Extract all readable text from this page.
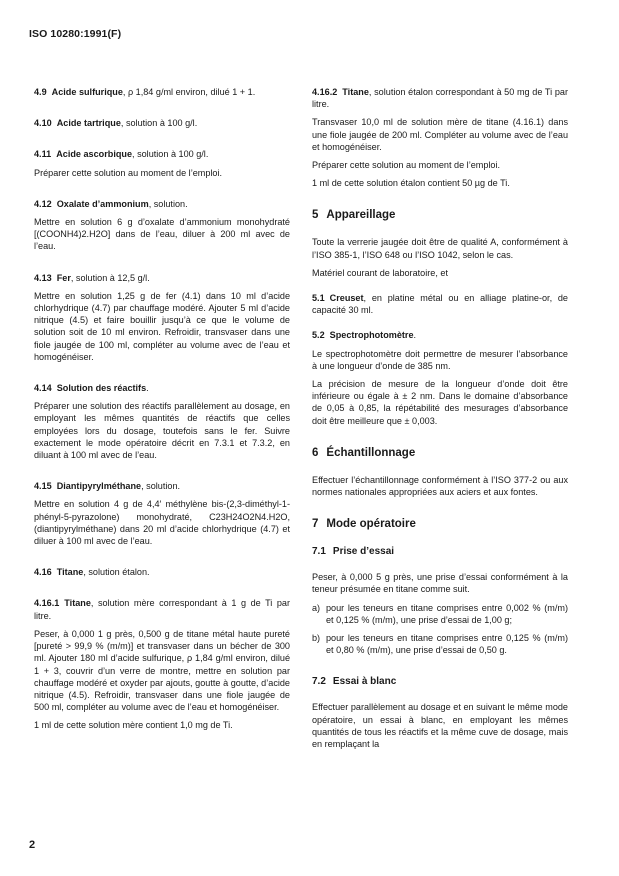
ISO 10280:1991(F)

4.9 Acide sulfurique, ρ 1,84 g/ml environ, dilué 1 + 1.

4.10 Acide tartrique, solution à 100 g/l.

4.11 Acide ascorbique, solution à 100 g/l.

Préparer cette solution au moment de l’emploi.

4.12 Oxalate d’ammonium, solution.

Mettre en solution 6 g d’oxalate d’ammonium monohydraté [(COONH4)2.H2O] dans de l’eau, diluer à 200 ml avec de l’eau.

4.13 Fer, solution à 12,5 g/l.

Mettre en solution 1,25 g de fer (4.1) dans 10 ml d’acide chlorhydrique (4.7) par chauffage modéré. Ajouter 5 ml d’acide nitrique (4.5) et faire bouillir jusqu’à ce que le volume de solution soit de 10 ml environ. Refroidir, transvaser dans une fiole jaugée de 100 ml, compléter au volume avec de l’eau et homogénéiser.

4.14 Solution des réactifs.

Préparer une solution des réactifs parallèlement au dosage, en employant les mêmes quantités de réactifs que celles employées lors du dosage, toutefois sans le fer. Suivre exactement le mode opératoire décrit en 7.3.1 et 7.3.2, en diluant à 100 ml avec de l’eau.

4.15 Diantipyrylméthane, solution.

Mettre en solution 4 g de 4,4′ méthylène bis-(2,3-diméthyl-1-phényl-5-pyrazolone) monohydraté, C23H24O2N4.H2O, (diantipyrylméthane) dans 20 ml d’acide chlorhydrique (4.7) et diluer à 100 ml avec de l’eau.

4.16 Titane, solution étalon.

4.16.1 Titane, solution mère correspondant à 1 g de Ti par litre.

Peser, à 0,000 1 g près, 0,500 g de titane métal haute pureté [pureté > 99,9 % (m/m)] et transvaser dans un bécher de 300 ml. Ajouter 180 ml d’acide sulfurique, ρ 1,84 g/ml environ, dilué 1 + 3, couvrir d’un verre de montre, mettre en solution par chauffage modéré et oxyder par ajouts, goutte à goutte, d’acide nitrique (4.5). Refroidir, transvaser dans une fiole jaugée de 500 ml, compléter au volume avec de l’eau et homogénéiser.

1 ml de cette solution mère contient 1,0 mg de Ti.

4.16.2 Titane, solution étalon correspondant à 50 mg de Ti par litre.

Transvaser 10,0 ml de solution mère de titane (4.16.1) dans une fiole jaugée de 200 ml. Compléter au volume avec de l’eau et homogénéiser.

Préparer cette solution au moment de l’emploi.

1 ml de cette solution étalon contient 50 µg de Ti.

5 Appareillage

Toute la verrerie jaugée doit être de qualité A, conformément à l’ISO 385-1, l’ISO 648 ou l’ISO 1042, selon le cas.

Matériel courant de laboratoire, et

5.1 Creuset, en platine métal ou en alliage platine-or, de capacité 30 ml.

5.2 Spectrophotomètre.

Le spectrophotomètre doit permettre de mesurer l’absorbance à une longueur d’onde de 385 nm.

La précision de mesure de la longueur d’onde doit être inférieure ou égale à ± 2 nm. Dans le domaine d’absorbance de 0,05 à 0,85, la répétabilité des mesurages d’absorbance doit être meilleure que ± 0,003.

6 Échantillonnage

Effectuer l’échantillonnage conformément à l’ISO 377-2 ou aux normes nationales appropriées aux aciers et aux fontes.

7 Mode opératoire
7.1 Prise d’essai

Peser, à 0,000 5 g près, une prise d’essai conformément à la teneur présumée en titane comme suit.

a) pour les teneurs en titane comprises entre 0,002 % (m/m) et 0,125 % (m/m), une prise d’essai de 1,00 g;
b) pour les teneurs en titane comprises entre 0,125 % (m/m) et 0,80 % (m/m), une prise d’essai de 0,50 g.
7.2 Essai à blanc

Effectuer parallèlement au dosage et en suivant le même mode opératoire, un essai à blanc, en employant les mêmes quantités de tous les réactifs et la même cuve de dosage, mais en remplaçant la

2
